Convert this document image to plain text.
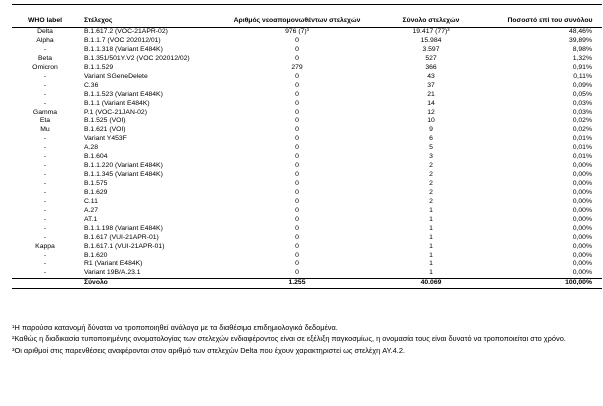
WHO label	Στέλεχος	Αριθμός νεοαπομονωθέντων στελεχών	Σύνολο στελεχών	Ποσοστό επί του συνόλου
Delta	B.1.617.2 (VOC-21APR-02)	976 (7)³	19.417 (77)³	48,46%
Alpha	B.1.1.7 (VOC 202012/01)	0	15.984	39,89%
-	B.1.1.318 (Variant E484K)	0	3.597	8,98%
Beta	B.1.351/501Y.V2 (VOC 202012/02)	0	527	1,32%
Omicron	B.1.1.529	279	366	0,91%
-	Variant SGeneDelete	0	43	0,11%
-	C.36	0	37	0,09%
-	B.1.1.523 (Variant E484K)	0	21	0,05%
-	B.1.1 (Variant E484K)	0	14	0,03%
Gamma	P.1 (VOC-21JAN-02)	0	12	0,03%
Eta	B.1.525 (VOI)	0	10	0,02%
Mu	B.1.621 (VOI)	0	9	0,02%
-	Variant Y453F	0	6	0,01%
-	A.28	0	5	0,01%
-	B.1.604	0	3	0,01%
-	B.1.1.220 (Variant E484K)	0	2	0,00%
-	B.1.1.345 (Variant E484K)	0	2	0,00%
-	B.1.575	0	2	0,00%
-	B.1.629	0	2	0,00%
-	C.11	0	2	0,00%
-	A.27	0	1	0,00%
-	AT.1	0	1	0,00%
-	B.1.1.198 (Variant E484K)	0	1	0,00%
-	B.1.617 (VUI-21APR-01)	0	1	0,00%
Kappa	B.1.617.1 (VUI-21APR-01)	0	1	0,00%
-	B.1.620	0	1	0,00%
-	R1 (Variant E484K)	0	1	0,00%
-	Variant 19B/A.23.1	0	1	0,00%
	Σύνολο	1.255	40.069	100,00%

¹Η παρούσα κατανομή δύναται να τροποποιηθεί ανάλογα με τα διαθέσιμα επιδημιολογικά δεδομένα.

²Καθώς η διαδικασία τυποποιημένης ονοματολογίας των στελεχών ενδιαφέροντος είναι σε εξέλιξη παγκοσμίως, η ονομασία τους είναι δυνατό να τροποποιείται στο χρόνο.

³Οι αριθμοί στις παρενθέσεις αναφέρονται στον αριθμό των στελεχών Delta που έχουν χαρακτηριστεί ως στελέχη AY.4.2.
